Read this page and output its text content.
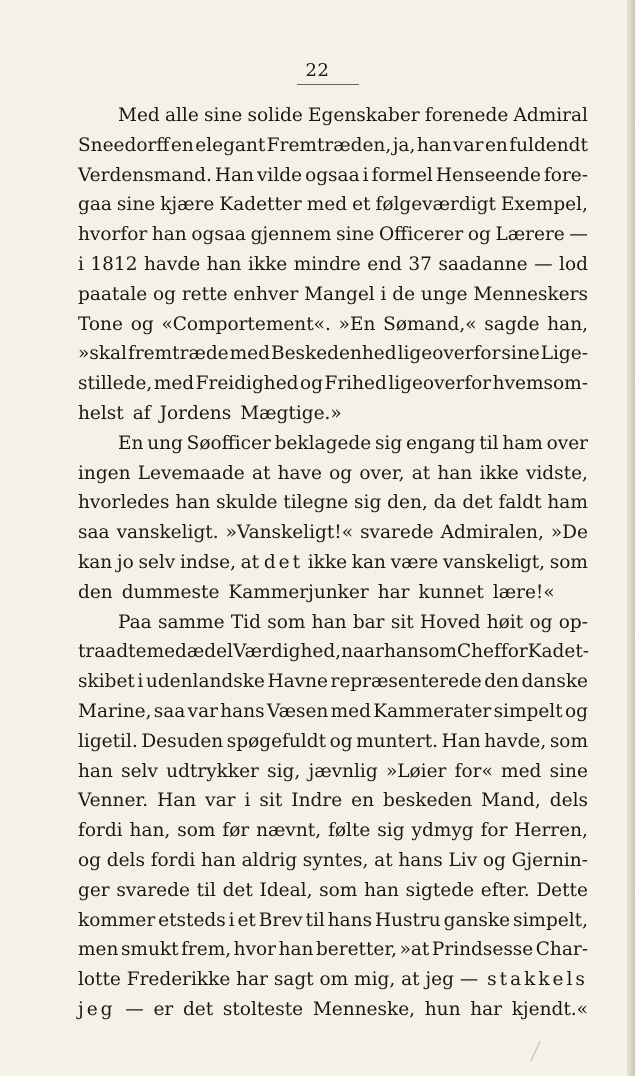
22
Med alle sine solide Egenskaber forenede Admiral
Sneedorff en elegant Fremtræden, ja, han var en fuldendt
Verdensmand. Han vilde ogsaa i formel Henseende fore-
gaa sine kjære Kadetter med et følgeværdigt Exempel,
hvorfor han ogsaa gjennem sine Officerer og Lærere —
i 1812 havde han ikke mindre end 37 saadanne — lod
paatale og rette enhver Mangel i de unge Menneskers
Tone og «Comportement«. »En Sømand,« sagde han,
»skal fremtræde med Beskedenhed ligeoverfor sine Lige-
stillede, med Freidighed og Frihed ligeoverfor hvemsom-
helst af Jordens Mægtige.»
En ung Søofficer beklagede sig engang til ham over
ingen Levemaade at have og over, at han ikke vidste,
hvorledes han skulde tilegne sig den, da det faldt ham
saa vanskeligt. »Vanskeligt!« svarede Admiralen, »De
kan jo selv indse, at det ikke kan være vanskeligt, som
den dummeste Kammerjunker har kunnet lære!«
Paa samme Tid som han bar sit Hoved høit og op-
traadte med ædel Værdighed, naar han som Chef for Kadet-
skibet i udenlandske Havne repræsenterede den danske
Marine, saa var hans Væsen med Kammerater simpelt og
ligetil. Desuden spøgefuldt og muntert. Han havde, som
han selv udtrykker sig, jævnlig »Løier for« med sine
Venner. Han var i sit Indre en beskeden Mand, dels
fordi han, som før nævnt, følte sig ydmyg for Herren,
og dels fordi han aldrig syntes, at hans Liv og Gjernin-
ger svarede til det Ideal, som han sigtede efter. Dette
kommer etsteds i et Brev til hans Hustru ganske simpelt,
men smukt frem, hvor han beretter, »at Prindsesse Char-
lotte Frederikke har sagt om mig, at jeg — stakkels
jeg — er det stolteste Menneske, hun har kjendt.«
